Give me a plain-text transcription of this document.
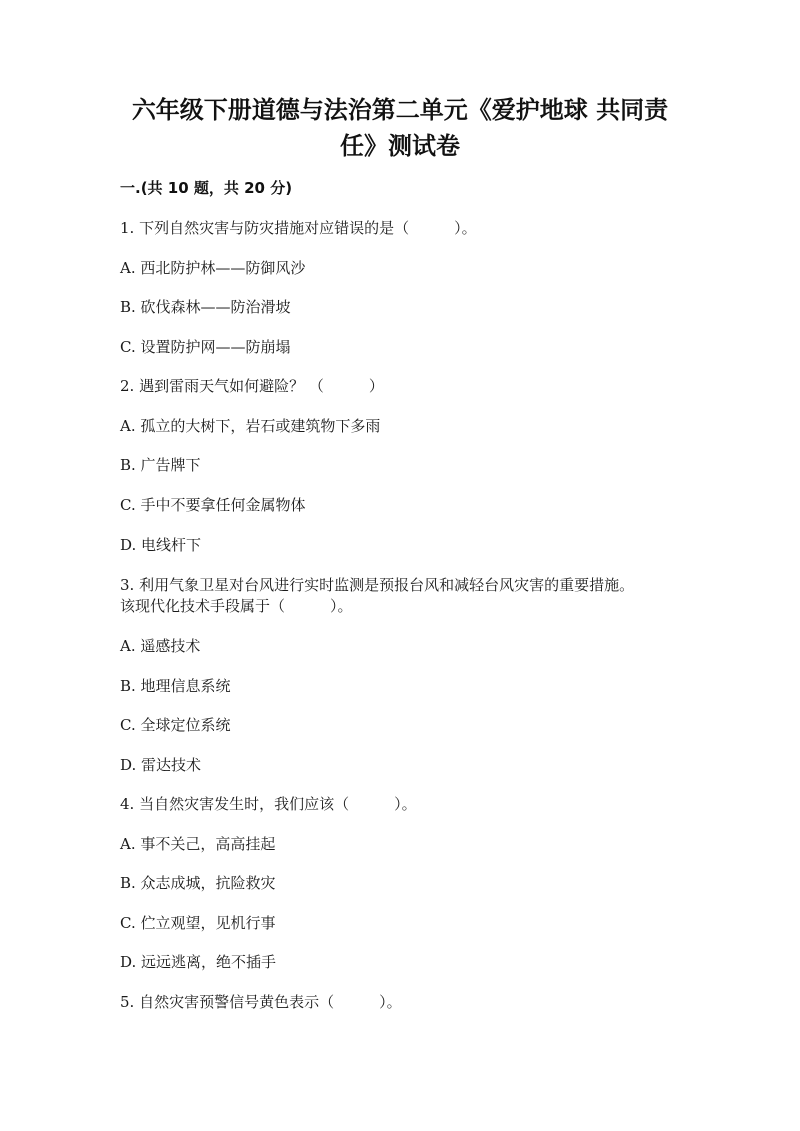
六年级下册道德与法治第二单元《爱护地球 共同责
任》测试卷
一.(共 10 题，共 20 分)
1. 下列自然灾害与防灾措施对应错误的是（　　　）。
A. 西北防护林——防御风沙
B. 砍伐森林——防治滑坡
C. 设置防护网——防崩塌
2. 遇到雷雨天气如何避险？ （　　　）
A. 孤立的大树下，岩石或建筑物下多雨
B. 广告牌下
C. 手中不要拿任何金属物体
D. 电线杆下
3. 利用气象卫星对台风进行实时监测是预报台风和减轻台风灾害的重要措施。
该现代化技术手段属于（　　　）。
A. 遥感技术
B. 地理信息系统
C. 全球定位系统
D. 雷达技术
4. 当自然灾害发生时，我们应该（　　　）。
A. 事不关己，高高挂起
B. 众志成城，抗险救灾
C. 伫立观望，见机行事
D. 远远逃离，绝不插手
5. 自然灾害预警信号黄色表示（　　　）。
